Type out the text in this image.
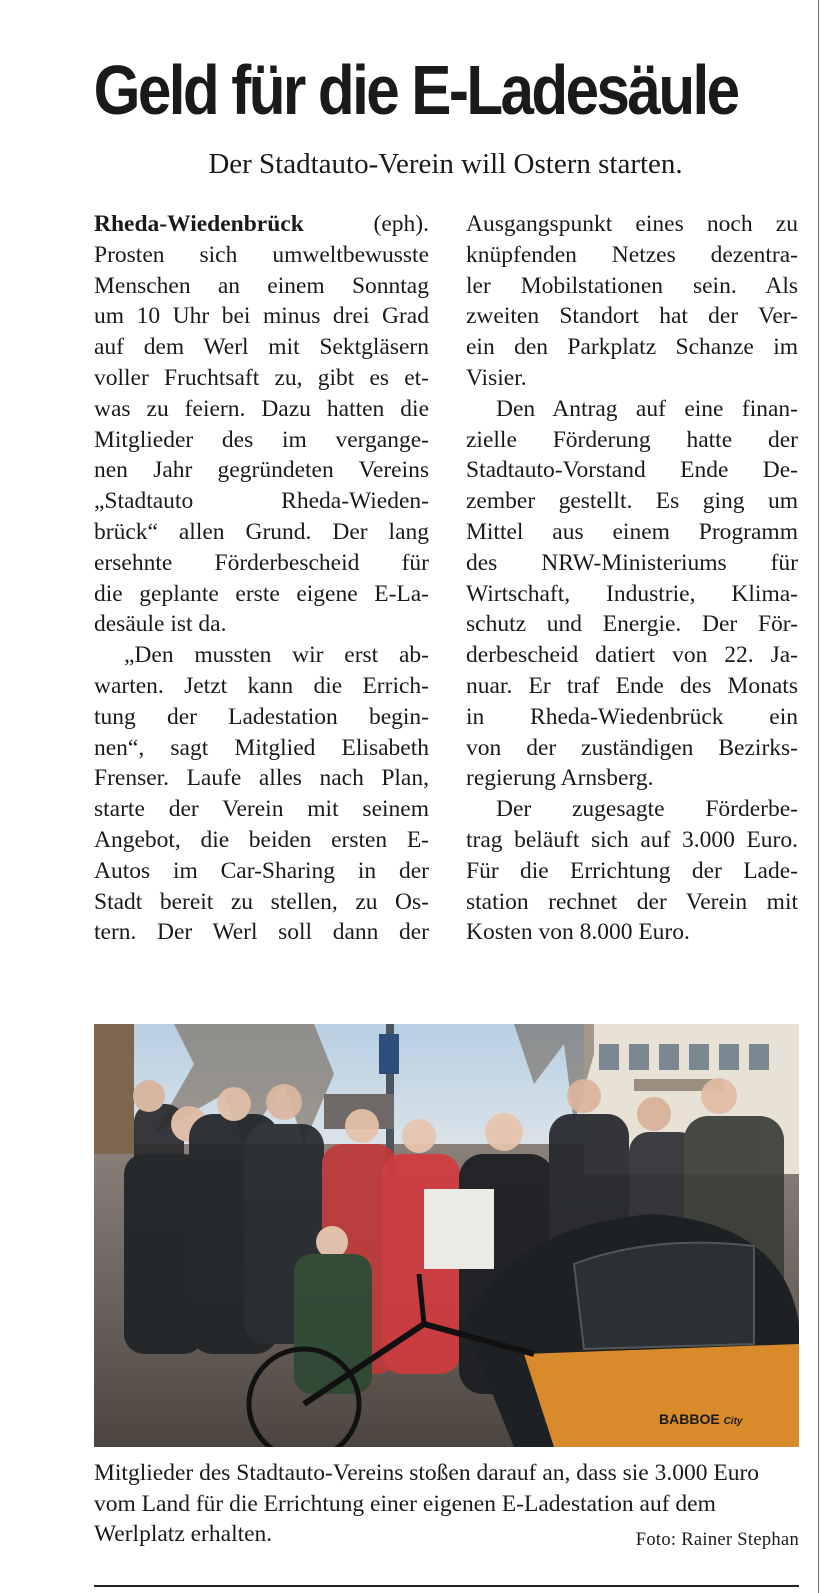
Geld für die E-Ladesäule

Der Stadtauto-Verein will Ostern starten.

Rheda-Wiedenbrück	(eph).
Prosten sich umweltbewusste
Menschen an einem Sonntag
um 10 Uhr bei minus drei Grad
auf dem Werl mit Sektgläsern
voller Fruchtsaft zu, gibt es et-
was zu feiern. Dazu hatten die
Mitglieder des im vergange-
nen Jahr gegründeten Vereins
„Stadtauto Rheda-Wieden-
brück“ allen Grund. Der lang
ersehnte Förderbescheid für
die geplante erste eigene E-La-
desäule ist da.
„Den mussten wir erst ab-
warten. Jetzt kann die Errich-
tung der Ladestation begin-
nen“, sagt Mitglied Elisabeth
Frenser. Laufe alles nach Plan,
starte der Verein mit seinem
Angebot, die beiden ersten E-
Autos im Car-Sharing in der
Stadt bereit zu stellen, zu Os-
tern. Der Werl soll dann der
Ausgangspunkt eines noch zu
knüpfenden Netzes dezentra-
ler Mobilstationen sein. Als
zweiten Standort hat der Ver-
ein den Parkplatz Schanze im
Visier.
Den Antrag auf eine finan-
zielle Förderung hatte der
Stadtauto-Vorstand Ende De-
zember gestellt. Es ging um
Mittel aus einem Programm
des NRW-Ministeriums für
Wirtschaft, Industrie, Klima-
schutz und Energie. Der För-
derbescheid datiert von 22. Ja-
nuar. Er traf Ende des Monats
in Rheda-Wiedenbrück ein
von der zuständigen Bezirks-
regierung Arnsberg.
Der zugesagte Förderbe-
trag beläuft sich auf 3.000 Euro.
Für die Errichtung der Lade-
station rechnet der Verein mit
Kosten von 8.000 Euro.
BABBOE City
Mitglieder des Stadtauto-Vereins stoßen darauf an, dass sie 3.000 Euro vom Land für die Errichtung einer eigenen E-Ladestation auf dem Werlplatz erhalten.	Foto: Rainer Stephan
